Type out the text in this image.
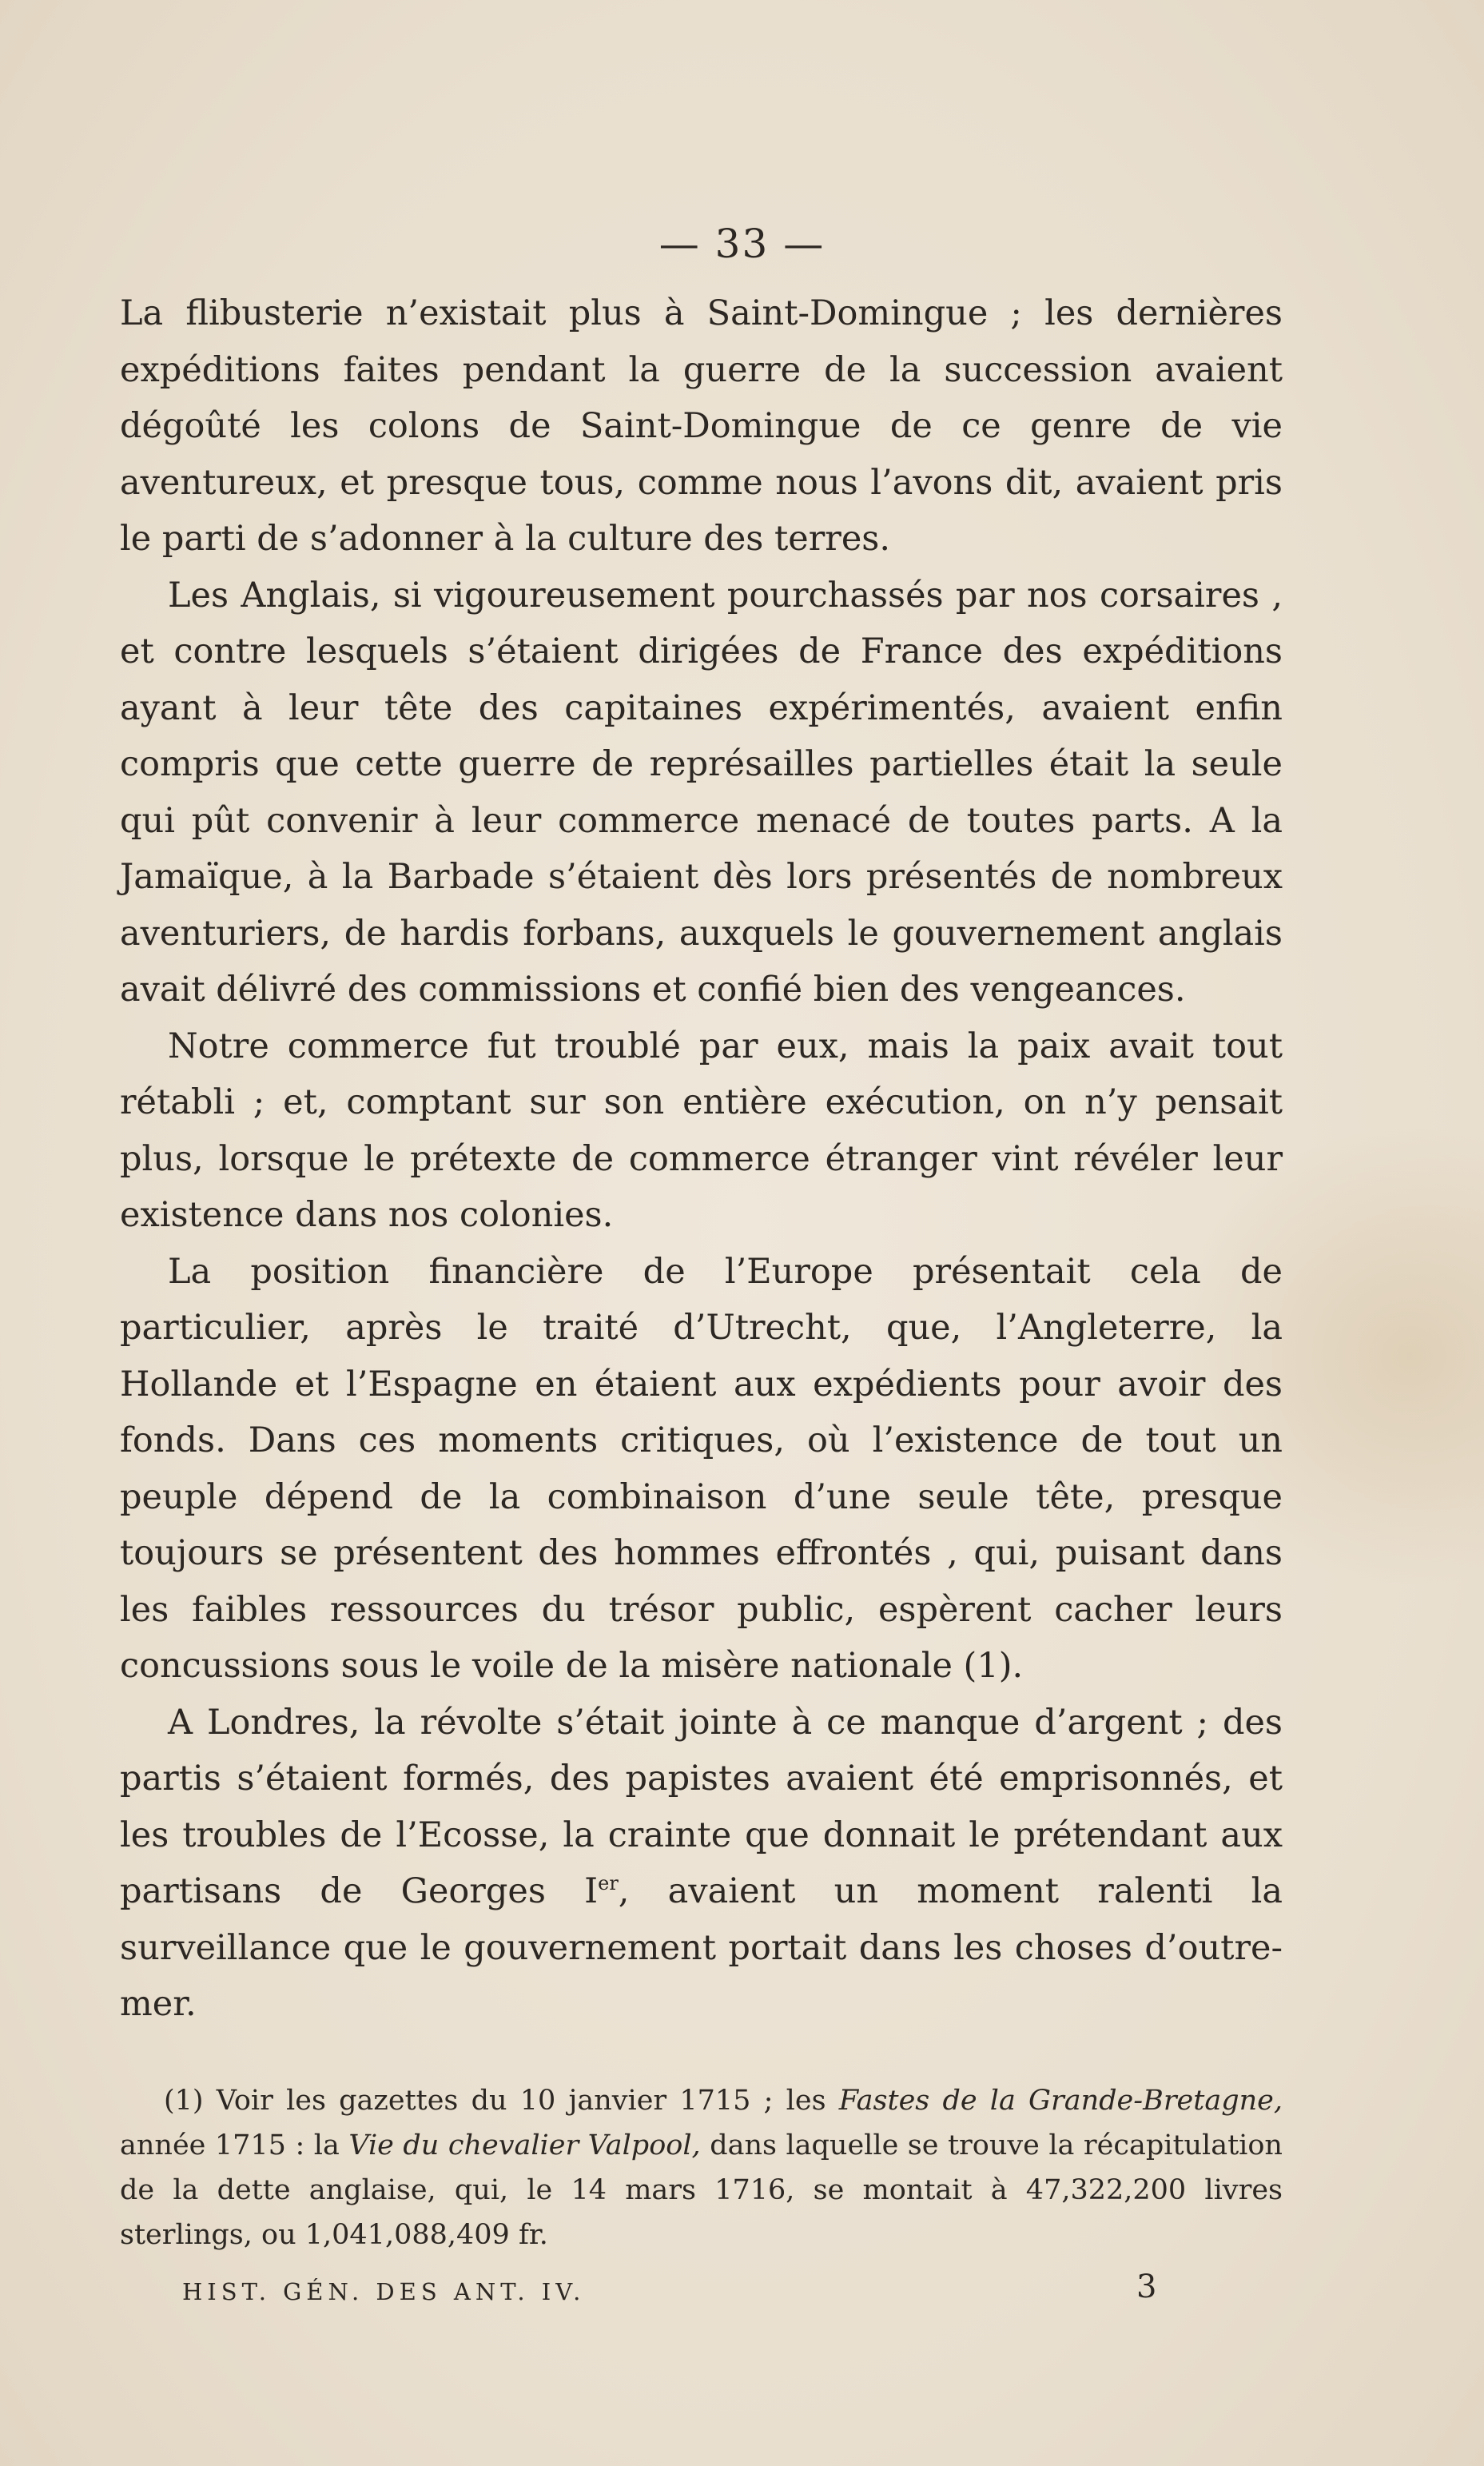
— 33 —

La flibusterie n’existait plus à Saint-Domingue ; les dernières expéditions faites pendant la guerre de la succession avaient dégoûté les colons de Saint-Domingue de ce genre de vie aventureux, et presque tous, comme nous l’avons dit, avaient pris le parti de s’adonner à la culture des terres.

Les Anglais, si vigoureusement pourchassés par nos corsaires , et contre lesquels s’étaient dirigées de France des expéditions ayant à leur tête des capitaines expérimentés, avaient enfin compris que cette guerre de représailles partielles était la seule qui pût convenir à leur commerce menacé de toutes parts. A la Jamaïque, à la Barbade s’étaient dès lors présentés de nombreux aventuriers, de hardis forbans, auxquels le gouvernement anglais avait délivré des commissions et confié bien des vengeances.

Notre commerce fut troublé par eux, mais la paix avait tout rétabli ; et, comptant sur son entière exécution, on n’y pensait plus, lorsque le prétexte de commerce étranger vint révéler leur existence dans nos colonies.

La position financière de l’Europe présentait cela de particulier, après le traité d’Utrecht, que, l’Angleterre, la Hollande et l’Espagne en étaient aux expédients pour avoir des fonds. Dans ces moments critiques, où l’existence de tout un peuple dépend de la combinaison d’une seule tête, presque toujours se présentent des hommes effrontés , qui, puisant dans les faibles ressources du trésor public, espèrent cacher leurs concussions sous le voile de la misère nationale (1).

A Londres, la révolte s’était jointe à ce manque d’argent ; des partis s’étaient formés, des papistes avaient été emprisonnés, et les troubles de l’Ecosse, la crainte que donnait le prétendant aux partisans de Georges Ier, avaient un moment ralenti la surveillance que le gouvernement portait dans les choses d’outre-mer.

(1) Voir les gazettes du 10 janvier 1715 ; les Fastes de la Grande-Bretagne, année 1715 : la Vie du chevalier Valpool, dans laquelle se trouve la récapitulation de la dette anglaise, qui, le 14 mars 1716, se montait à 47,322,200 livres sterlings, ou 1,041,088,409 fr.

HIST. GÉN. DES ANT. IV.	3
